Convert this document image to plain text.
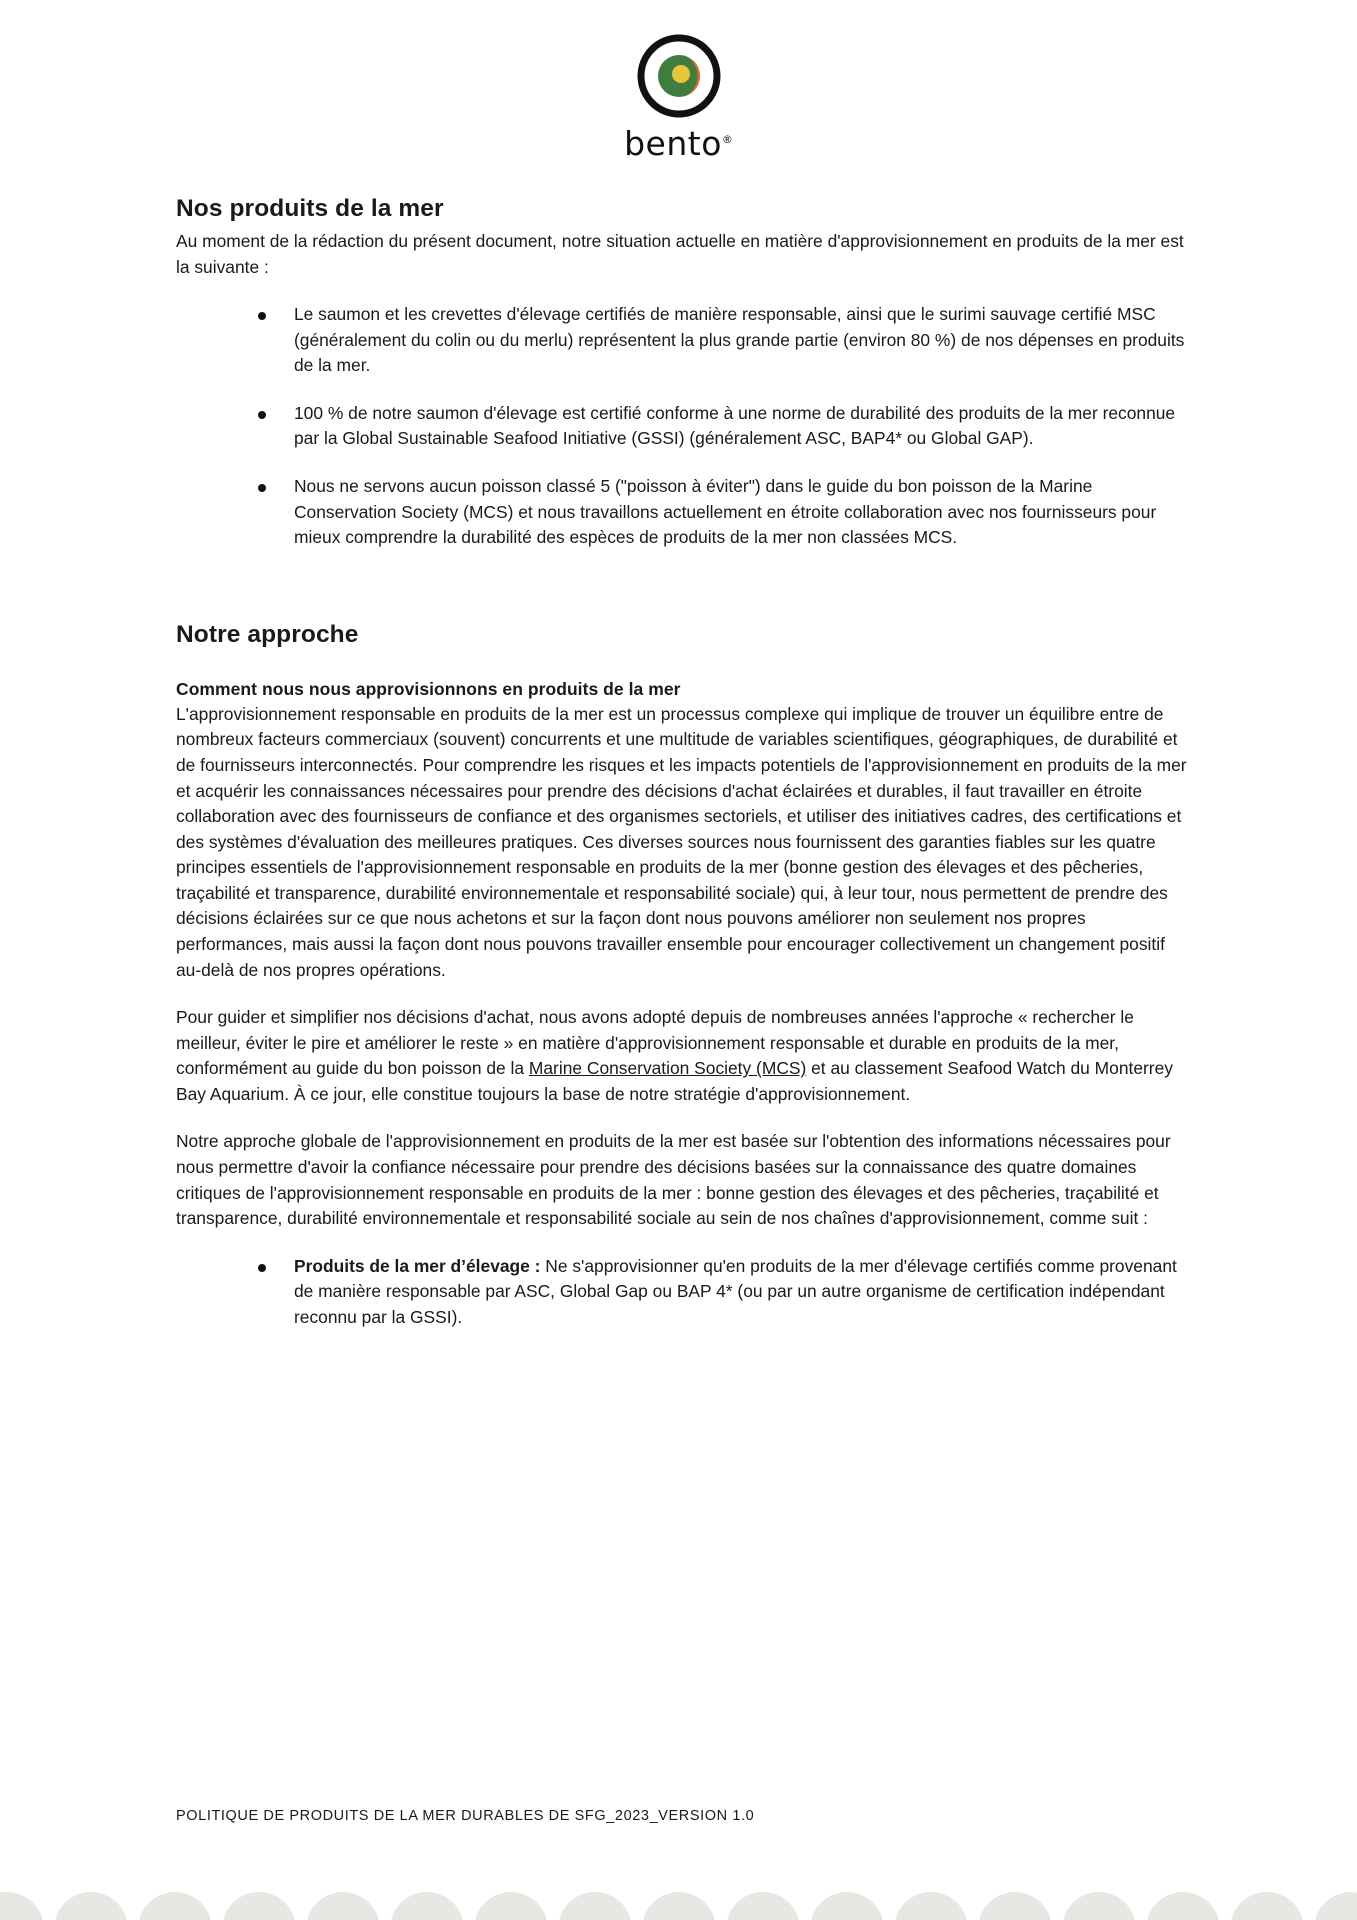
bento®
Nos produits de la mer

Au moment de la rédaction du présent document, notre situation actuelle en matière d'approvisionnement en produits de la mer est la suivante :

Le saumon et les crevettes d'élevage certifiés de manière responsable, ainsi que le surimi sauvage certifié MSC (généralement du colin ou du merlu) représentent la plus grande partie (environ 80 %) de nos dépenses en produits de la mer.
100 % de notre saumon d'élevage est certifié conforme à une norme de durabilité des produits de la mer reconnue par la Global Sustainable Seafood Initiative (GSSI) (généralement ASC, BAP4* ou Global GAP).
Nous ne servons aucun poisson classé 5 ("poisson à éviter") dans le guide du bon poisson de la Marine Conservation Society (MCS) et nous travaillons actuellement en étroite collaboration avec nos fournisseurs pour mieux comprendre la durabilité des espèces de produits de la mer non classées MCS.
Notre approche
Comment nous nous approvisionnons en produits de la mer

L'approvisionnement responsable en produits de la mer est un processus complexe qui implique de trouver un équilibre entre de nombreux facteurs commerciaux (souvent) concurrents et une multitude de variables scientifiques, géographiques, de durabilité et de fournisseurs interconnectés. Pour comprendre les risques et les impacts potentiels de l'approvisionnement en produits de la mer et acquérir les connaissances nécessaires pour prendre des décisions d'achat éclairées et durables, il faut travailler en étroite collaboration avec des fournisseurs de confiance et des organismes sectoriels, et utiliser des initiatives cadres, des certifications et des systèmes d'évaluation des meilleures pratiques. Ces diverses sources nous fournissent des garanties fiables sur les quatre principes essentiels de l'approvisionnement responsable en produits de la mer (bonne gestion des élevages et des pêcheries, traçabilité et transparence, durabilité environnementale et responsabilité sociale) qui, à leur tour, nous permettent de prendre des décisions éclairées sur ce que nous achetons et sur la façon dont nous pouvons améliorer non seulement nos propres performances, mais aussi la façon dont nous pouvons travailler ensemble pour encourager collectivement un changement positif au-delà de nos propres opérations.

Pour guider et simplifier nos décisions d'achat, nous avons adopté depuis de nombreuses années l'approche « rechercher le meilleur, éviter le pire et améliorer le reste » en matière d'approvisionnement responsable et durable en produits de la mer, conformément au guide du bon poisson de la Marine Conservation Society (MCS) et au classement Seafood Watch du Monterrey Bay Aquarium. À ce jour, elle constitue toujours la base de notre stratégie d'approvisionnement.

Notre approche globale de l'approvisionnement en produits de la mer est basée sur l'obtention des informations nécessaires pour nous permettre d'avoir la confiance nécessaire pour prendre des décisions basées sur la connaissance des quatre domaines critiques de l'approvisionnement responsable en produits de la mer : bonne gestion des élevages et des pêcheries, traçabilité et transparence, durabilité environnementale et responsabilité sociale au sein de nos chaînes d'approvisionnement, comme suit :

Produits de la mer d’élevage : Ne s'approvisionner qu'en produits de la mer d'élevage certifiés comme provenant de manière responsable par ASC, Global Gap ou BAP 4* (ou par un autre organisme de certification indépendant reconnu par la GSSI).
POLITIQUE DE PRODUITS DE LA MER DURABLES DE SFG_2023_VERSION 1.0
